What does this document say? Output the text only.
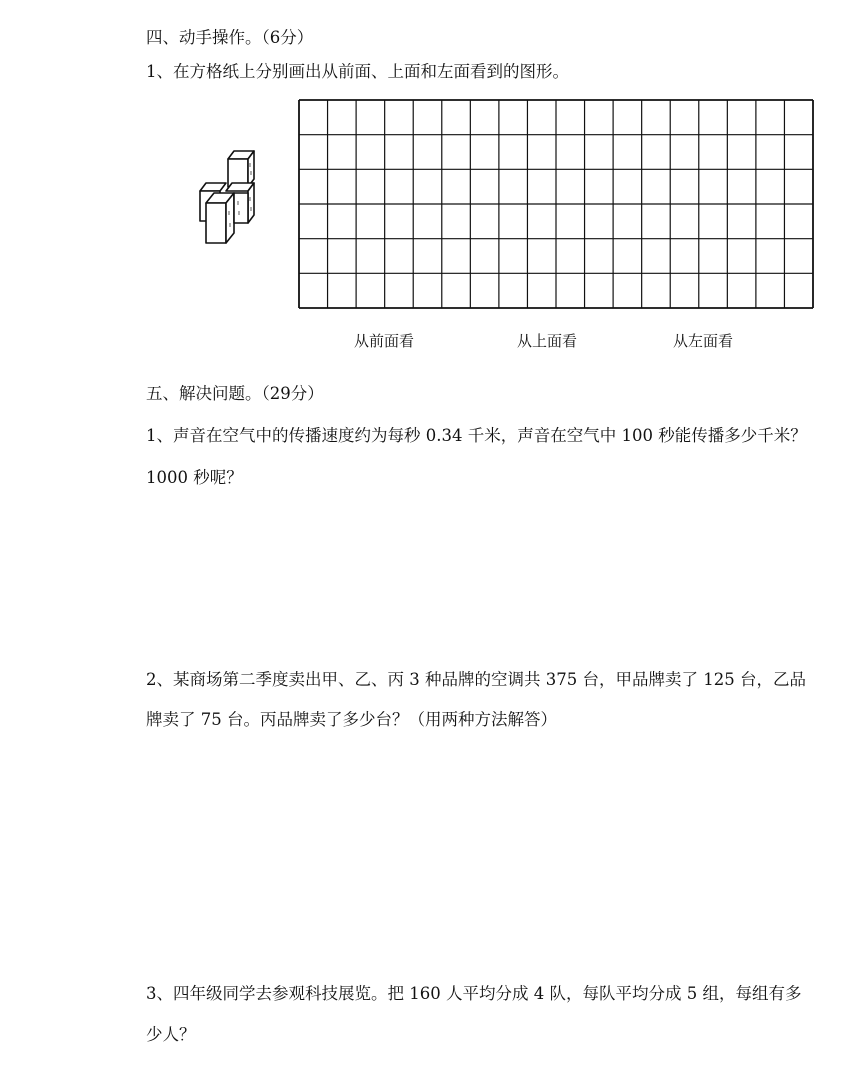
四、动手操作。（6分）
1、在方格纸上分别画出从前面、上面和左面看到的图形。
从前面看	从上面看	从左面看
五、解决问题。（29分）
1、声音在空气中的传播速度约为每秒 0.34 千米，声音在空气中 100 秒能传播多少千米？
1000 秒呢？
2、某商场第二季度卖出甲、乙、丙 3 种品牌的空调共 375 台，甲品牌卖了 125 台，乙品
牌卖了 75 台。丙品牌卖了多少台？（用两种方法解答）
3、四年级同学去参观科技展览。把 160 人平均分成 4 队，每队平均分成 5 组，每组有多
少人？
